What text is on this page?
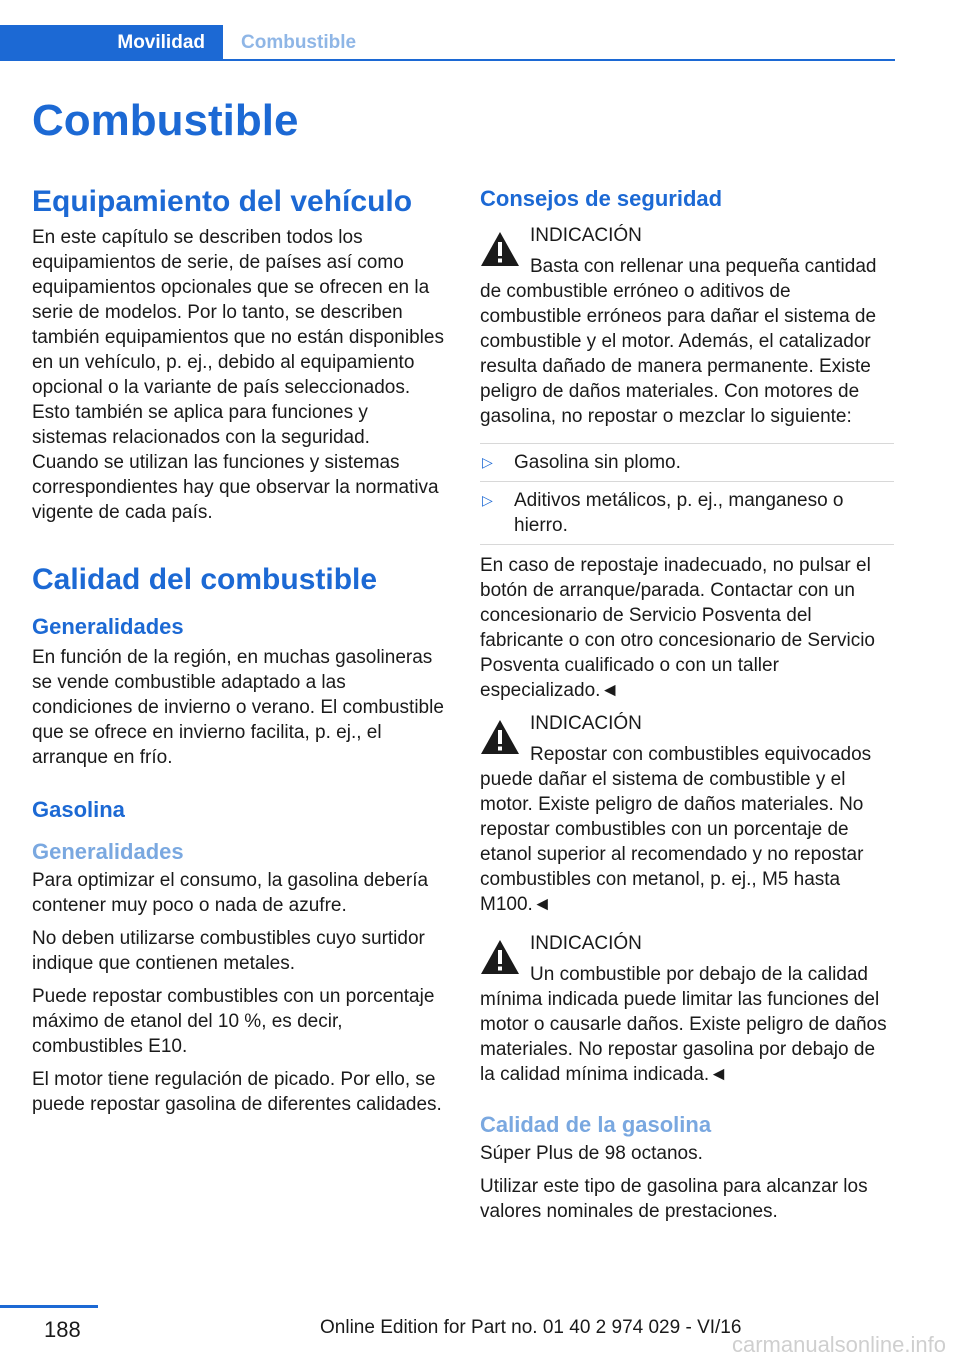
Movilidad	Combustible
Combustible
Equipamiento del vehículo

En este capítulo se describen todos los equipamientos de serie, de países así como equipamientos opcionales que se ofrecen en la serie de modelos. Por lo tanto, se describen también equipamientos que no están disponibles en un vehículo, p. ej., debido al equipamiento opcional o la variante de país seleccionados. Esto también se aplica para funciones y sistemas relacionados con la seguridad.

Cuando se utilizan las funciones y sistemas correspondientes hay que observar la normativa vigente de cada país.

Calidad del combustible
Generalidades

En función de la región, en muchas gasolineras se vende combustible adaptado a las condiciones de invierno o verano. El combustible que se ofrece en invierno facilita, p. ej., el arranque en frío.

Gasolina
Generalidades

Para optimizar el consumo, la gasolina debería contener muy poco o nada de azufre.

No deben utilizarse combustibles cuyo surtidor indique que contienen metales.

Puede repostar combustibles con un porcentaje máximo de etanol del 10 %, es decir, combustibles E10.

El motor tiene regulación de picado. Por ello, se puede repostar gasolina de diferentes calidades.

Consejos de seguridad
INDICACIÓN

Basta con rellenar una pequeña cantidad de combustible erróneo o aditivos de combustible erróneos para dañar el sistema de combustible y el motor. Además, el catalizador resulta dañado de manera permanente. Existe peligro de daños materiales. Con motores de gasolina, no repostar o mezclar lo siguiente:

▷ Gasolina sin plomo.
▷ Aditivos metálicos, p. ej., manganeso o hierro.

En caso de repostaje inadecuado, no pulsar el botón de arranque/parada. Contactar con un concesionario de Servicio Posventa del fabricante o con otro concesionario de Servicio Posventa cualificado o con un taller especializado.◄

INDICACIÓN

Repostar con combustibles equivocados puede dañar el sistema de combustible y el motor. Existe peligro de daños materiales. No repostar combustibles con un porcentaje de etanol superior al recomendado y no repostar combustibles con metanol, p. ej., M5 hasta M100.◄

INDICACIÓN

Un combustible por debajo de la calidad mínima indicada puede limitar las funciones del motor o causarle daños. Existe peligro de daños materiales. No repostar gasolina por debajo de la calidad mínima indicada.◄

Calidad de la gasolina

Súper Plus de 98 octanos.

Utilizar este tipo de gasolina para alcanzar los valores nominales de prestaciones.

188	Online Edition for Part no. 01 40 2 974 029 - VI/16
carmanualsonline.info
